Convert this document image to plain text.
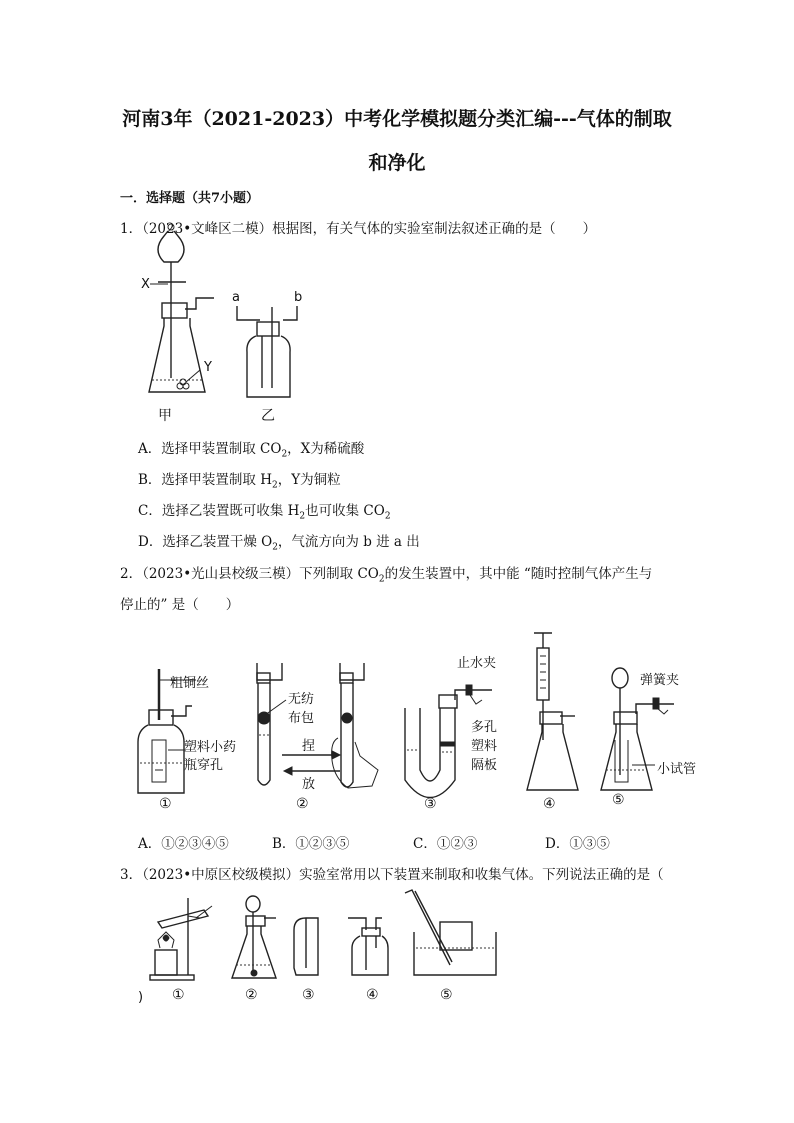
河南3年（2021-2023）中考化学模拟题分类汇编---气体的制取
和净化
一．选择题（共7小题）
1．（2023•文峰区二模）根据图，有关气体的实验室制法叙述正确的是（　　）
X
Y
a	b
甲	乙
A．选择甲装置制取 $CO_2$，X为稀硫酸
B．选择甲装置制取 $H_2$，Y为铜粒
C．选择乙装置既可收集 $H_2$也可收集 $CO_2$
D．选择乙装置干燥 $O_2$，气流方向为 b 进 a 出
2．（2023•光山县校级三模）下列制取 $CO_2$的发生装置中，其中能 “随时控制气体产生与
停止的” 是（　　）
粗铜丝
塑料小药
瓶穿孔
无纺
布包
捏
放
止水夹
多孔
塑料
隔板
弹簧夹
小试管
①	②	③	④	⑤
A．①②③④⑤	B．①②③⑤	C．①②③	D．①③⑤
3．（2023•中原区校级模拟）实验室常用以下装置来制取和收集气体。下列说法正确的是（
) ①	②	③	④	⑤
